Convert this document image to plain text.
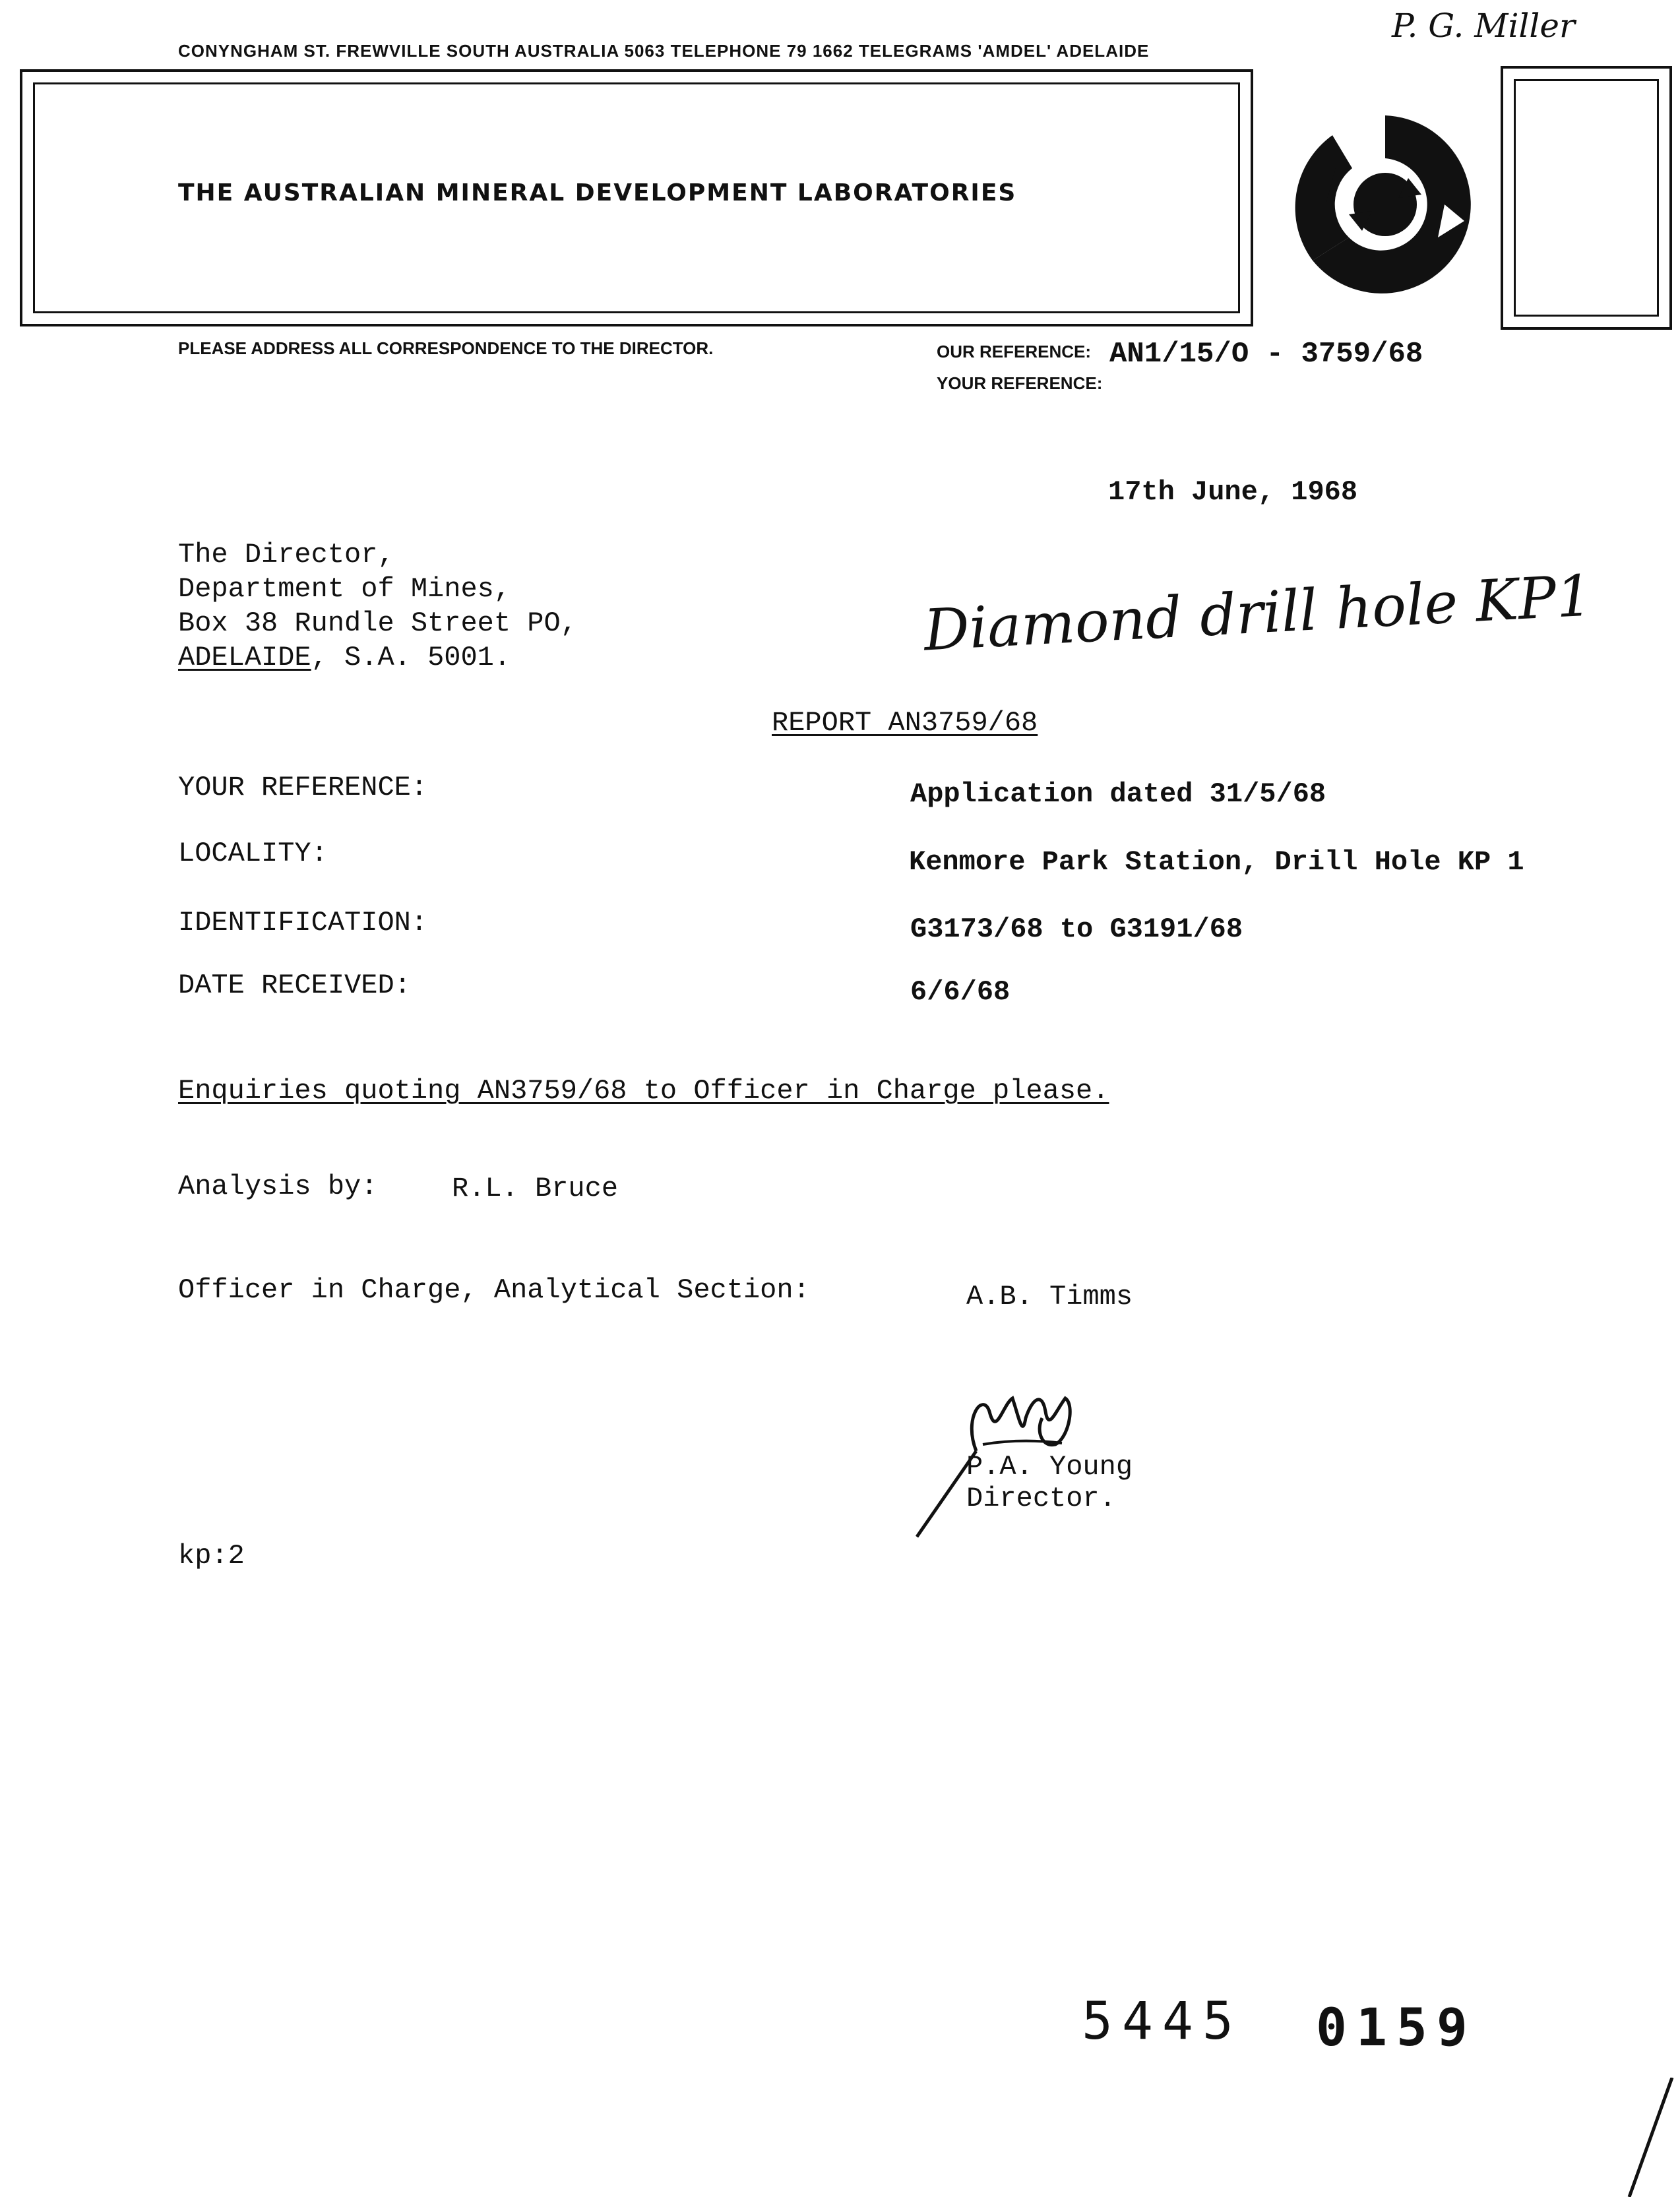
P. G. Miller
CONYNGHAM ST. FREWVILLE SOUTH AUSTRALIA 5063 TELEPHONE 79 1662 TELEGRAMS 'AMDEL' ADELAIDE
THE AUSTRALIAN MINERAL DEVELOPMENT LABORATORIES
PLEASE ADDRESS ALL CORRESPONDENCE TO THE DIRECTOR.	OUR REFERENCE: AN1/15/O - 3759/68
YOUR REFERENCE:
17th June, 1968
The Director,
Department of Mines,
Box 38 Rundle Street PO,
ADELAIDE, S.A. 5001.	Diamond drill hole KP1
REPORT AN3759/68
YOUR REFERENCE:	Application dated 31/5/68
LOCALITY:	Kenmore Park Station, Drill Hole KP 1
IDENTIFICATION:	G3173/68 to G3191/68
DATE RECEIVED:	6/6/68
Enquiries quoting AN3759/68 to Officer in Charge please.
Analysis by:	R.L. Bruce
Officer in Charge, Analytical Section:	A.B. Timms
P.A. Young
Director.
kp:2
5445 0159
